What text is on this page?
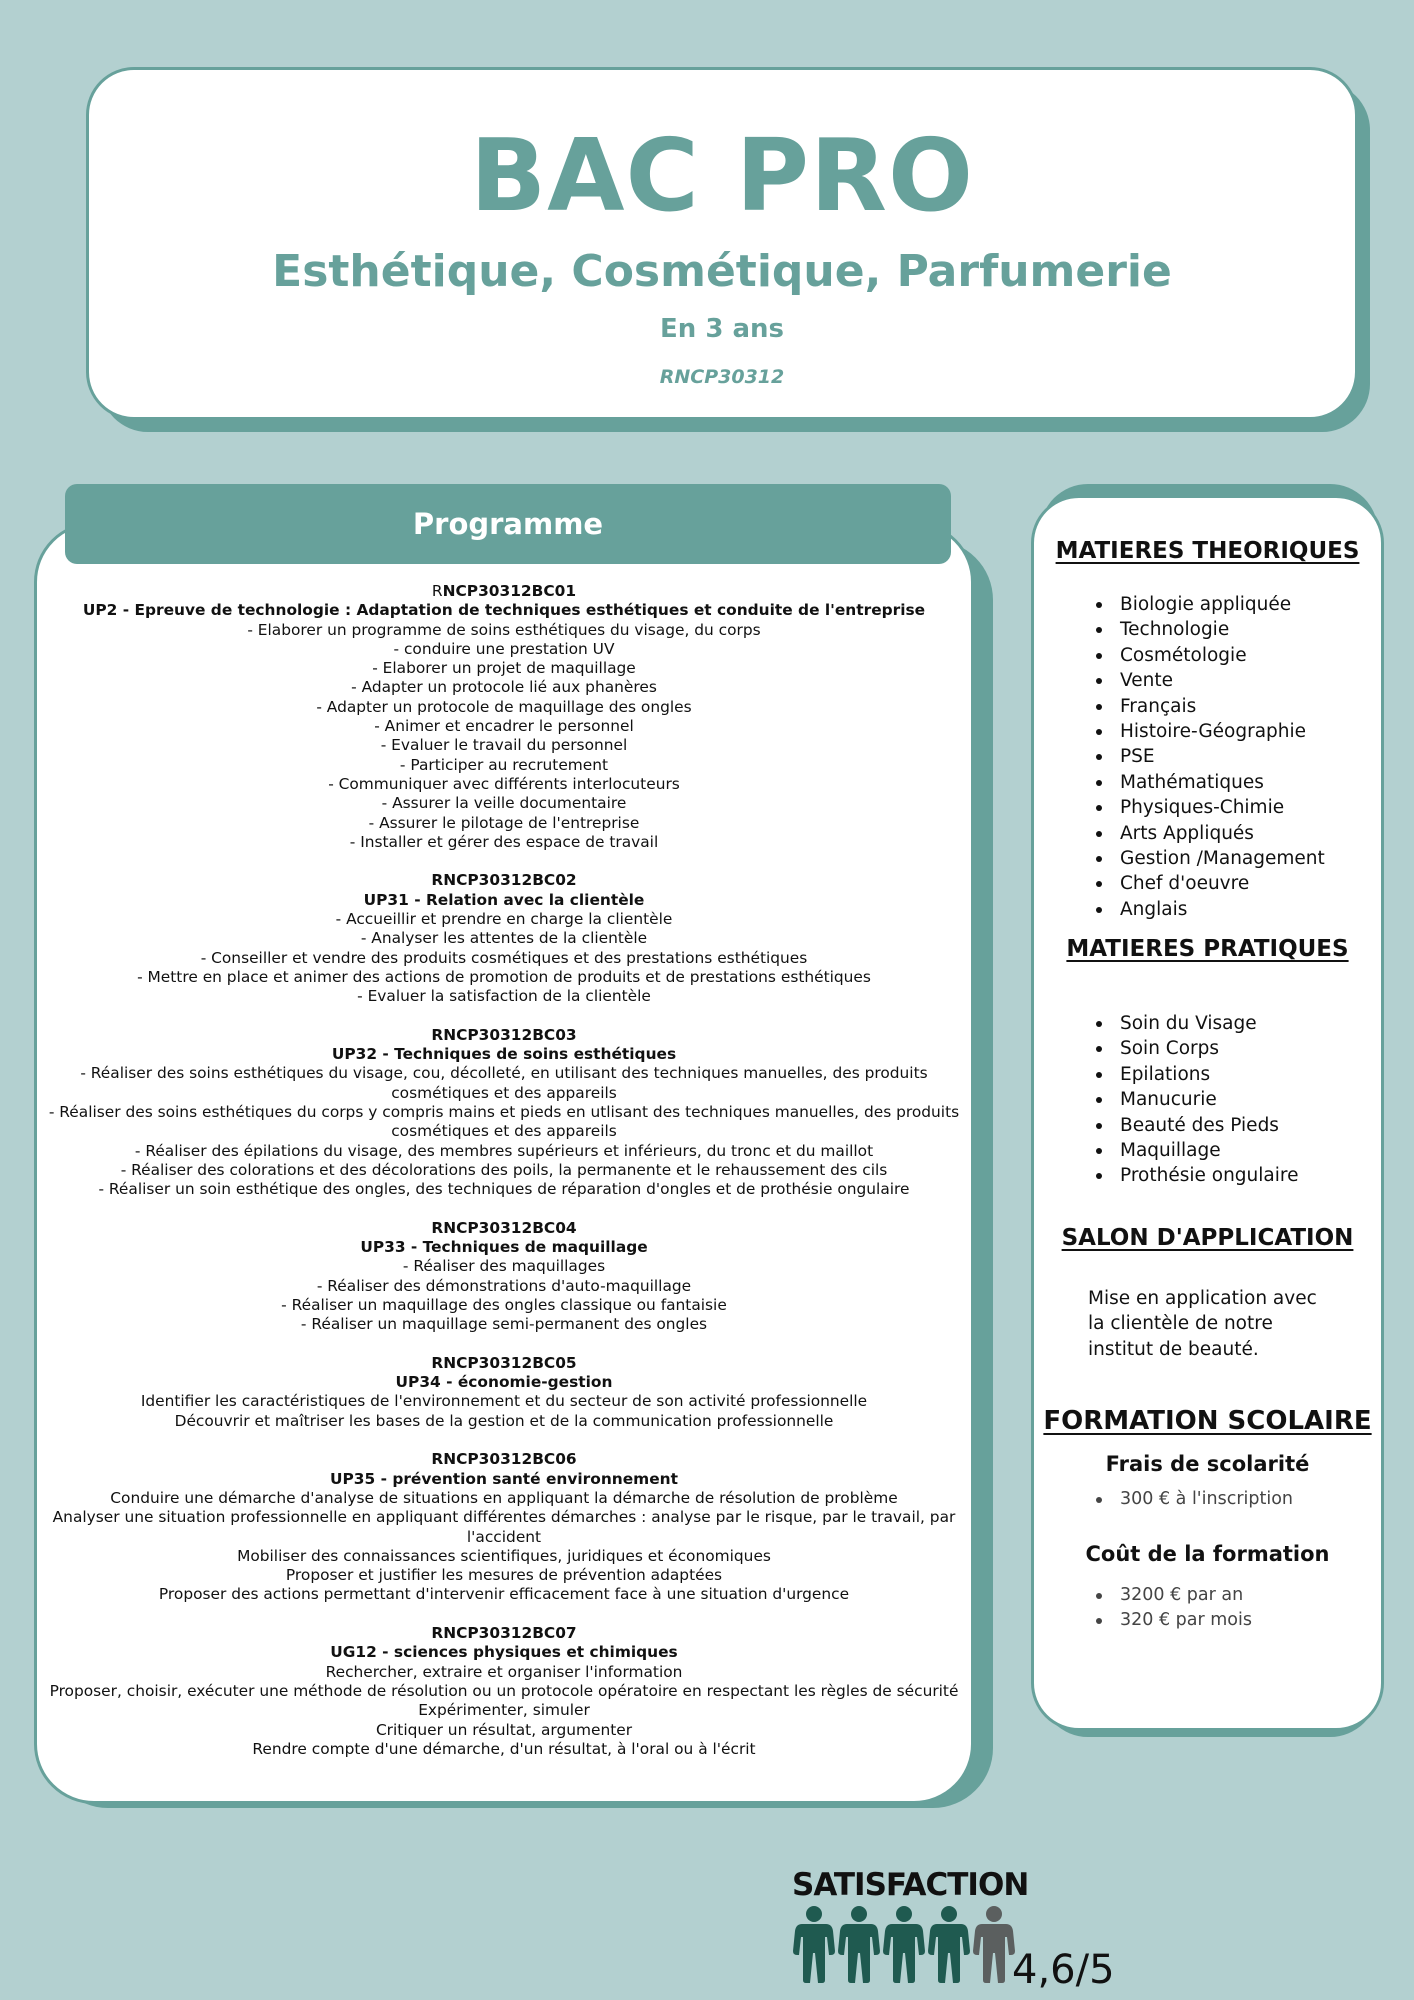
BAC PRO
Esthétique, Cosmétique, Parfumerie
En 3 ans
RNCP30312
Programme
RNCP30312BC01
UP2 - Epreuve de technologie : Adaptation de techniques esthétiques et conduite de l'entreprise
- Elaborer un programme de soins esthétiques du visage, du corps
- conduire une prestation UV
- Elaborer un projet de maquillage
- Adapter un protocole lié aux phanères
- Adapter un protocole de maquillage des ongles
- Animer et encadrer le personnel
- Evaluer le travail du personnel
- Participer au recrutement
- Communiquer avec différents interlocuteurs
- Assurer la veille documentaire
- Assurer le pilotage de l'entreprise
- Installer et gérer des espace de travail
RNCP30312BC02
UP31 - Relation avec la clientèle
- Accueillir et prendre en charge la clientèle
- Analyser les attentes de la clientèle
- Conseiller et vendre des produits cosmétiques et des prestations esthétiques
- Mettre en place et animer des actions de promotion de produits et de prestations esthétiques
- Evaluer la satisfaction de la clientèle
RNCP30312BC03
UP32 - Techniques de soins esthétiques
- Réaliser des soins esthétiques du visage, cou, décolleté, en utilisant des techniques manuelles, des produits cosmétiques et des appareils
- Réaliser des soins esthétiques du corps y compris mains et pieds en utlisant des techniques manuelles, des produits cosmétiques et des appareils
- Réaliser des épilations du visage, des membres supérieurs et inférieurs, du tronc et du maillot
- Réaliser des colorations et des décolorations des poils, la permanente et le rehaussement des cils
- Réaliser un soin esthétique des ongles, des techniques de réparation d'ongles et de prothésie ongulaire
RNCP30312BC04
UP33 - Techniques de maquillage
- Réaliser des maquillages
- Réaliser des démonstrations d'auto-maquillage
- Réaliser un maquillage des ongles classique ou fantaisie
- Réaliser un maquillage semi-permanent des ongles
RNCP30312BC05
UP34 - économie-gestion
Identifier les caractéristiques de l'environnement et du secteur de son activité professionnelle
Découvrir et maîtriser les bases de la gestion et de la communication professionnelle
RNCP30312BC06
UP35 - prévention santé environnement
Conduire une démarche d'analyse de situations en appliquant la démarche de résolution de problème
Analyser une situation professionnelle en appliquant différentes démarches : analyse par le risque, par le travail, par l'accident
Mobiliser des connaissances scientifiques, juridiques et économiques
Proposer et justifier les mesures de prévention adaptées
Proposer des actions permettant d'intervenir efficacement face à une situation d'urgence
RNCP30312BC07
UG12 - sciences physiques et chimiques
Rechercher, extraire et organiser l'information
Proposer, choisir, exécuter une méthode de résolution ou un protocole opératoire en respectant les règles de sécurité
Expérimenter, simuler
Critiquer un résultat, argumenter
Rendre compte d'une démarche, d'un résultat, à l'oral ou à l'écrit
MATIERES THEORIQUES
Biologie appliquée
Technologie
Cosmétologie
Vente
Français
Histoire-Géographie
PSE
Mathématiques
Physiques-Chimie
Arts Appliqués
Gestion /Management
Chef d'oeuvre
Anglais
MATIERES PRATIQUES
Soin du Visage
Soin Corps
Epilations
Manucurie
Beauté des Pieds
Maquillage
Prothésie ongulaire
SALON D'APPLICATION
Mise en application avec la clientèle de notre institut de beauté.
FORMATION SCOLAIRE
Frais de scolarité
300 € à l'inscription
Coût de la formation
3200 € par an
320 € par mois
SATISFACTION
4,6/5
